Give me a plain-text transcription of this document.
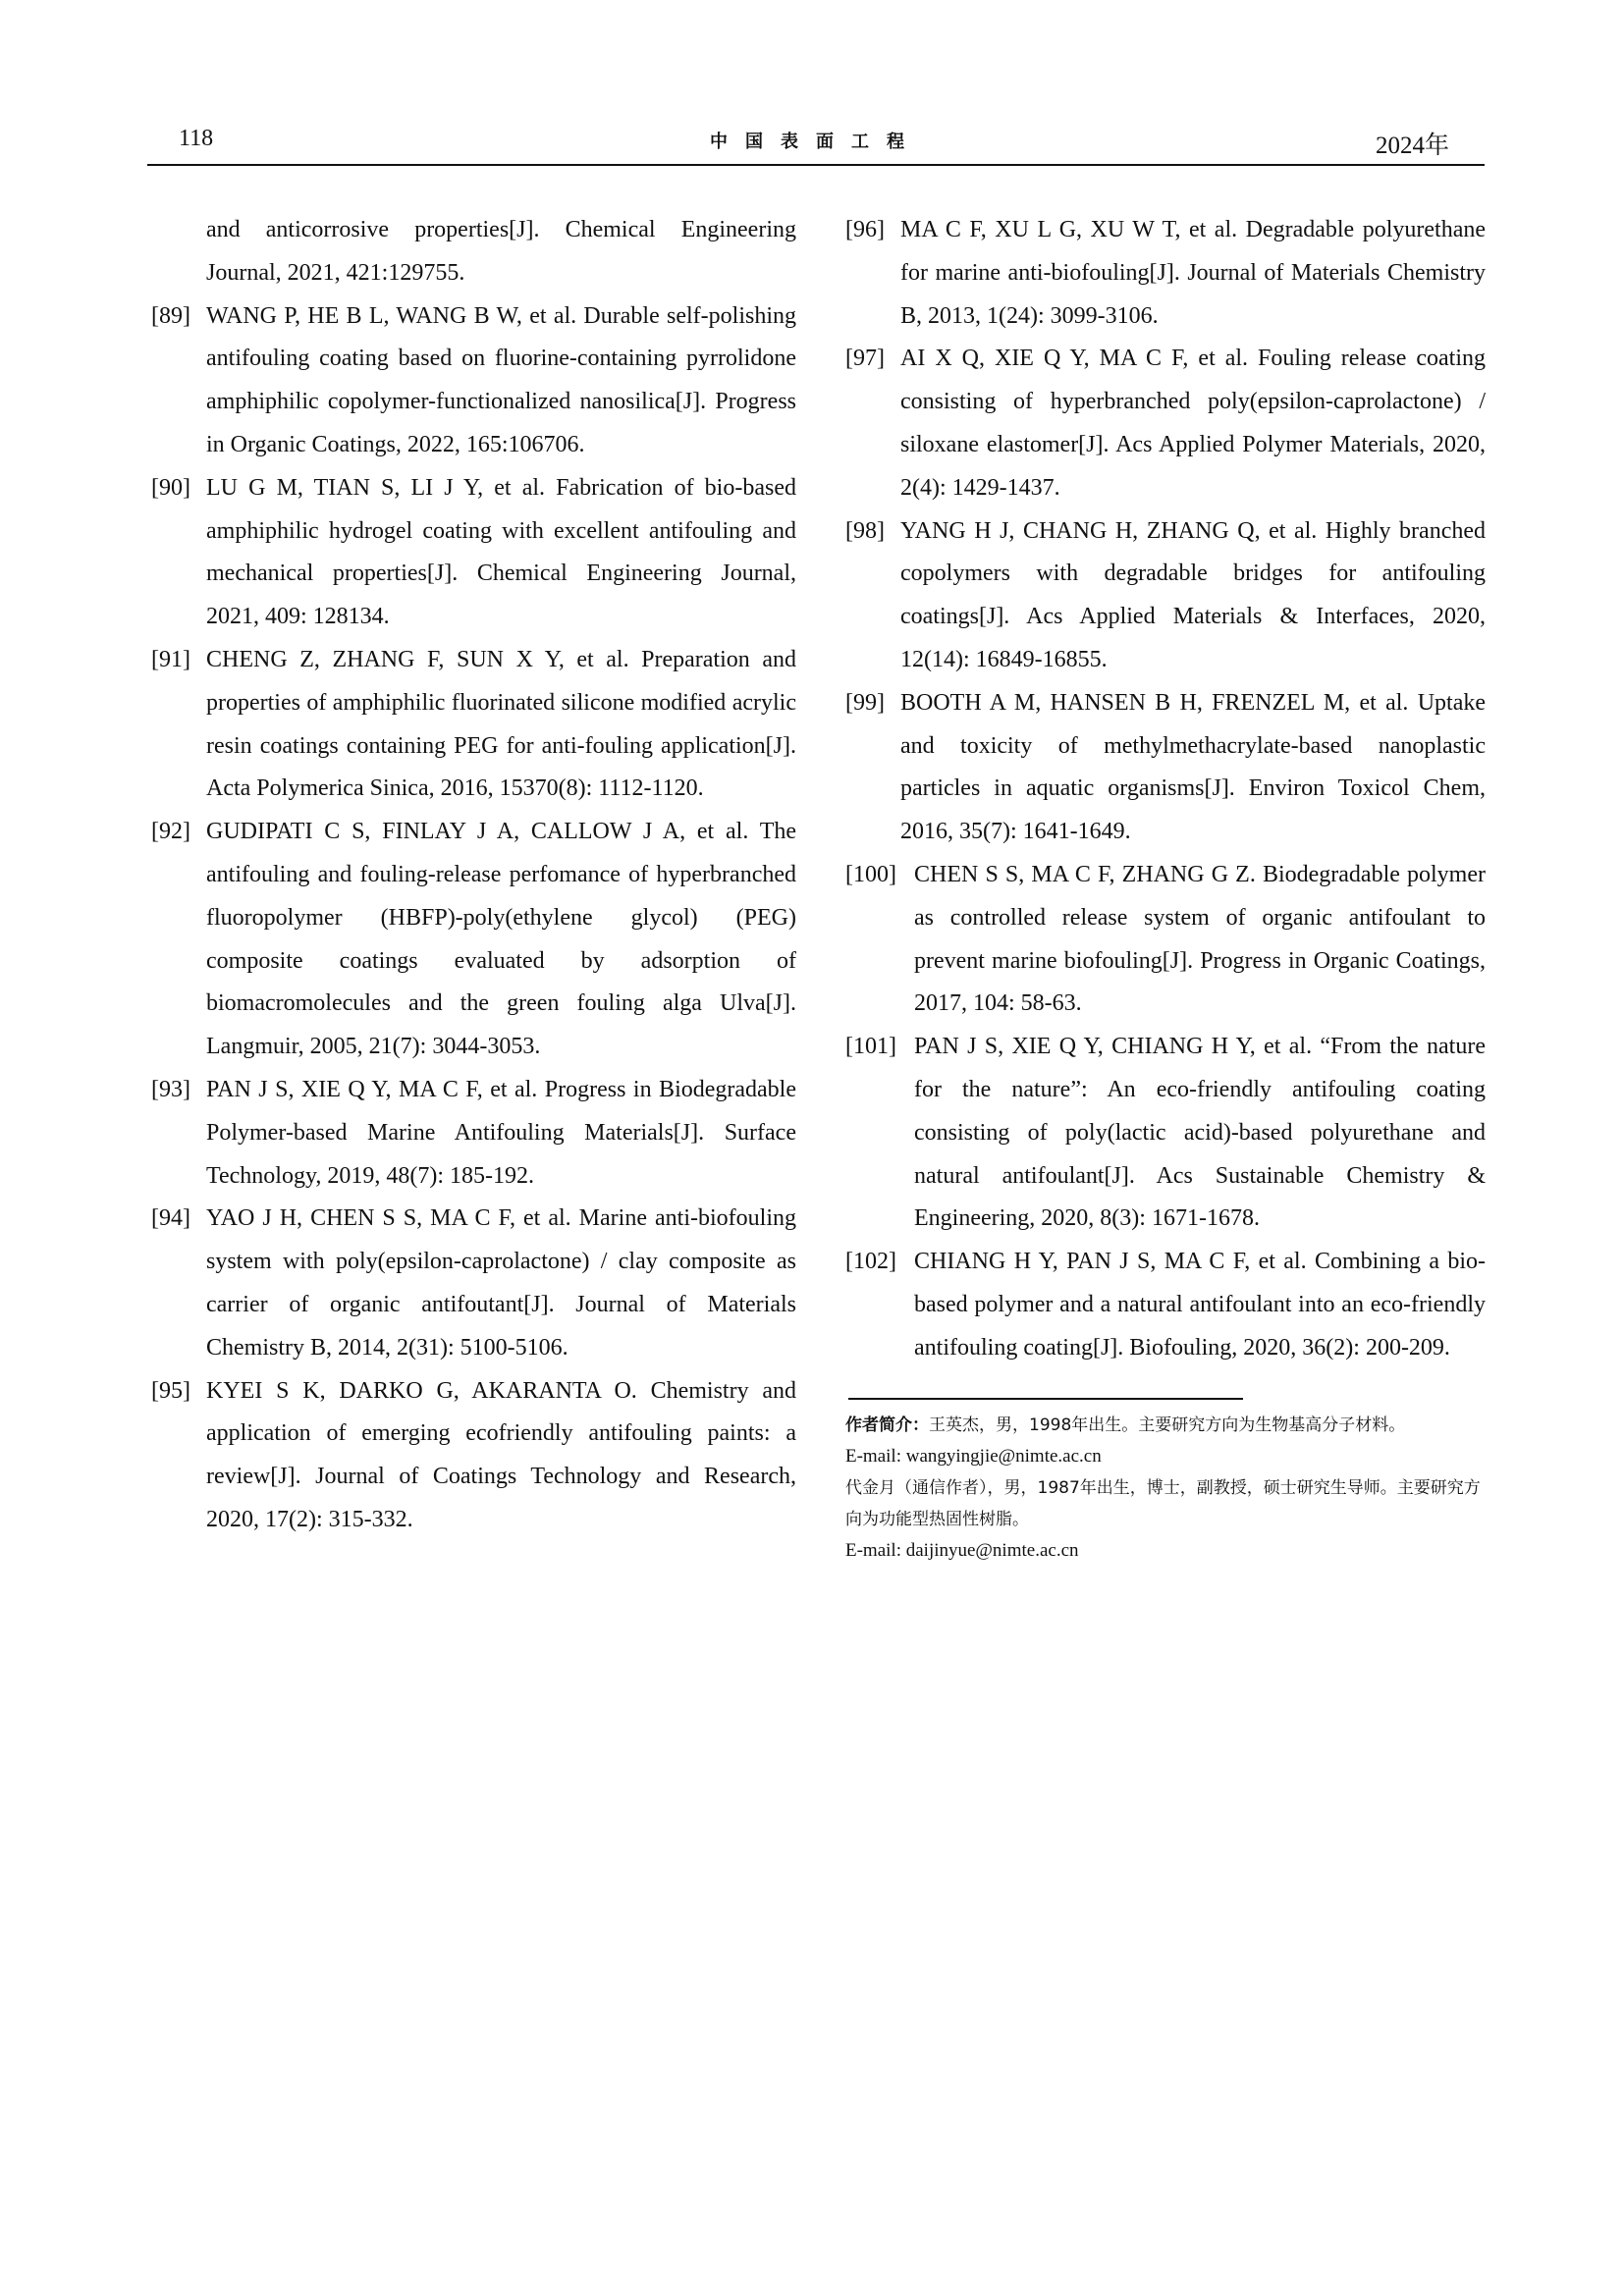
118	中国表面工程	2024年
and anticorrosive properties[J]. Chemical Engineering Journal, 2021, 421:129755.
[89] WANG P, HE B L, WANG B W, et al. Durable self-polishing antifouling coating based on fluorine-containing pyrrolidone amphiphilic copolymer-functionalized nanosilica[J]. Progress in Organic Coatings, 2022, 165:106706.
[90] LU G M, TIAN S, LI J Y, et al. Fabrication of bio-based amphiphilic hydrogel coating with excellent antifouling and mechanical properties[J]. Chemical Engineering Journal, 2021, 409: 128134.
[91] CHENG Z, ZHANG F, SUN X Y, et al. Preparation and properties of amphiphilic fluorinated silicone modified acrylic resin coatings containing PEG for anti-fouling application[J]. Acta Polymerica Sinica, 2016, 15370(8): 1112-1120.
[92] GUDIPATI C S, FINLAY J A, CALLOW J A, et al. The antifouling and fouling-release perfomance of hyperbranched fluoropolymer (HBFP)-poly(ethylene glycol) (PEG) composite coatings evaluated by adsorption of biomacromolecules and the green fouling alga Ulva[J]. Langmuir, 2005, 21(7): 3044-3053.
[93] PAN J S, XIE Q Y, MA C F, et al. Progress in Biodegradable Polymer-based Marine Antifouling Materials[J]. Surface Technology, 2019, 48(7): 185-192.
[94] YAO J H, CHEN S S, MA C F, et al. Marine anti-biofouling system with poly(epsilon-caprolactone) / clay composite as carrier of organic antifoutant[J]. Journal of Materials Chemistry B, 2014, 2(31): 5100-5106.
[95] KYEI S K, DARKO G, AKARANTA O. Chemistry and application of emerging ecofriendly antifouling paints: a review[J]. Journal of Coatings Technology and Research, 2020, 17(2): 315-332.
[96] MA C F, XU L G, XU W T, et al. Degradable polyurethane for marine anti-biofouling[J]. Journal of Materials Chemistry B, 2013, 1(24): 3099-3106.
[97] AI X Q, XIE Q Y, MA C F, et al. Fouling release coating consisting of hyperbranched poly(epsilon-caprolactone) / siloxane elastomer[J]. Acs Applied Polymer Materials, 2020, 2(4): 1429-1437.
[98] YANG H J, CHANG H, ZHANG Q, et al. Highly branched copolymers with degradable bridges for antifouling coatings[J]. Acs Applied Materials & Interfaces, 2020, 12(14): 16849-16855.
[99] BOOTH A M, HANSEN B H, FRENZEL M, et al. Uptake and toxicity of methylmethacrylate-based nanoplastic particles in aquatic organisms[J]. Environ Toxicol Chem, 2016, 35(7): 1641-1649.
[100] CHEN S S, MA C F, ZHANG G Z. Biodegradable polymer as controlled release system of organic antifoulant to prevent marine biofouling[J]. Progress in Organic Coatings, 2017, 104: 58-63.
[101] PAN J S, XIE Q Y, CHIANG H Y, et al. “From the nature for the nature”: An eco-friendly antifouling coating consisting of poly(lactic acid)-based polyurethane and natural antifoulant[J]. Acs Sustainable Chemistry & Engineering, 2020, 8(3): 1671-1678.
[102] CHIANG H Y, PAN J S, MA C F, et al. Combining a bio-based polymer and a natural antifoulant into an eco-friendly antifouling coating[J]. Biofouling, 2020, 36(2): 200-209.

作者简介：王英杰，男，1998年出生。主要研究方向为生物基高分子材料。

E-mail: wangyingjie@nimte.ac.cn

代金月（通信作者），男，1987年出生，博士，副教授，硕士研究生导师。主要研究方向为功能型热固性树脂。

E-mail: daijinyue@nimte.ac.cn
